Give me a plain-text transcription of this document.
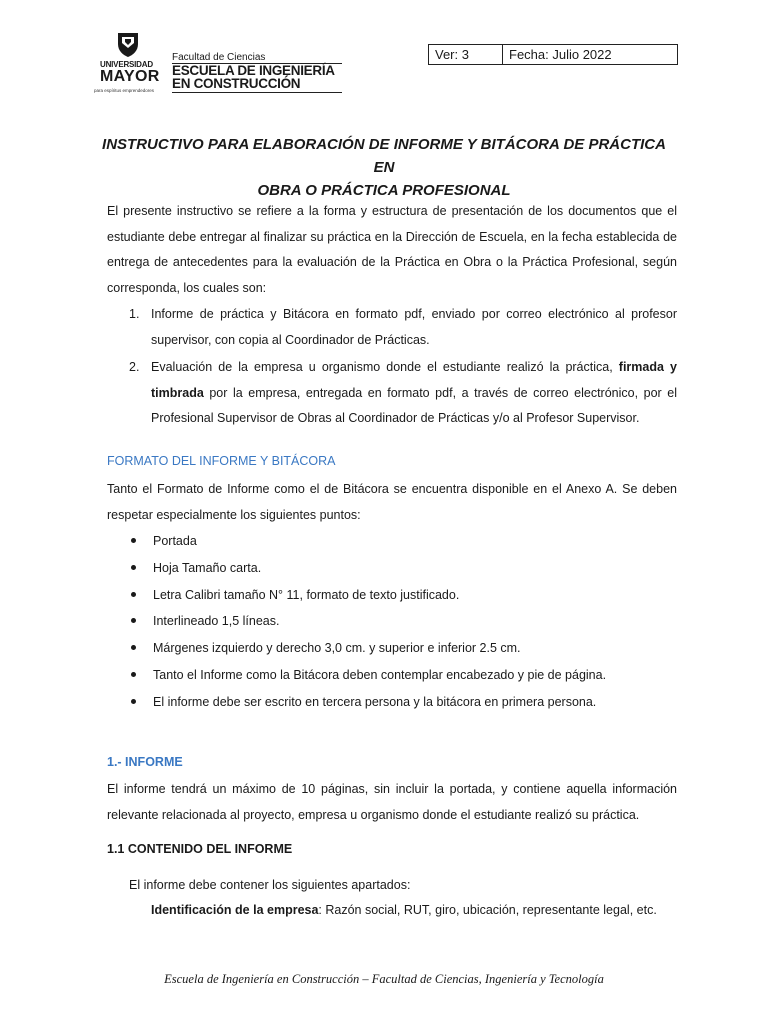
UNIVERSIDAD
MAYOR
para espíritus emprendedores
Facultad de Ciencias
ESCUELA DE INGENIERÍA
EN CONSTRUCCIÓN
Ver: 3	Fecha: Julio 2022
INSTRUCTIVO PARA ELABORACIÓN DE INFORME Y BITÁCORA DE PRÁCTICA EN
OBRA O PRÁCTICA PROFESIONAL
El presente instructivo se refiere a la forma y estructura de presentación de los documentos que el
estudiante debe entregar al finalizar su práctica en la Dirección de Escuela, en la fecha establecida de
entrega de antecedentes para la evaluación de la Práctica en Obra o la Práctica Profesional, según
corresponda, los cuales son:
1. Informe de práctica y Bitácora en formato pdf, enviado por correo electrónico al profesor
supervisor, con copia al Coordinador de Prácticas.
2. Evaluación de la empresa u organismo donde el estudiante realizó la práctica, firmada y
timbrada por la empresa, entregada en formato pdf, a través de correo electrónico, por el
Profesional Supervisor de Obras al Coordinador de Prácticas y/o al Profesor Supervisor.
FORMATO DEL INFORME Y BITÁCORA
Tanto el Formato de Informe como el de Bitácora se encuentra disponible en el Anexo A. Se deben
respetar especialmente los siguientes puntos:
Portada
Hoja Tamaño carta.
Letra Calibri tamaño N° 11, formato de texto justificado.
Interlineado 1,5 líneas.
Márgenes izquierdo y derecho 3,0 cm. y superior e inferior 2.5 cm.
Tanto el Informe como la Bitácora deben contemplar encabezado y pie de página.
El informe debe ser escrito en tercera persona y la bitácora en primera persona.
1.- INFORME
El informe tendrá un máximo de 10 páginas, sin incluir la portada, y contiene aquella información
relevante relacionada al proyecto, empresa u organismo donde el estudiante realizó su práctica.
1.1 CONTENIDO DEL INFORME
El informe debe contener los siguientes apartados:
Identificación de la empresa: Razón social, RUT, giro, ubicación, representante legal, etc.
Escuela de Ingeniería en Construcción – Facultad de Ciencias, Ingeniería y Tecnología
